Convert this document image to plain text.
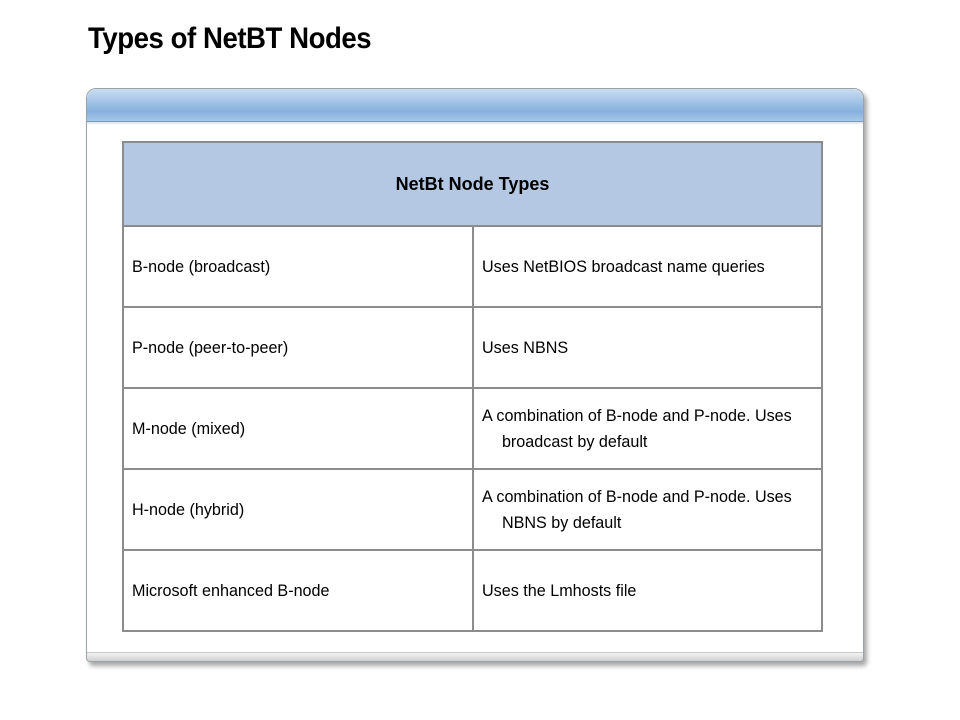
Types of NetBT Nodes
NetBt Node Types	
B-node (broadcast)	Uses NetBIOS broadcast name queries
P-node (peer-to-peer)	Uses NBNS
M-node (mixed)	A combination of B-node and P-node. Uses broadcast by default
H-node (hybrid)	A combination of B-node and P-node. Uses NBNS by default
Microsoft enhanced B-node	Uses the Lmhosts file
